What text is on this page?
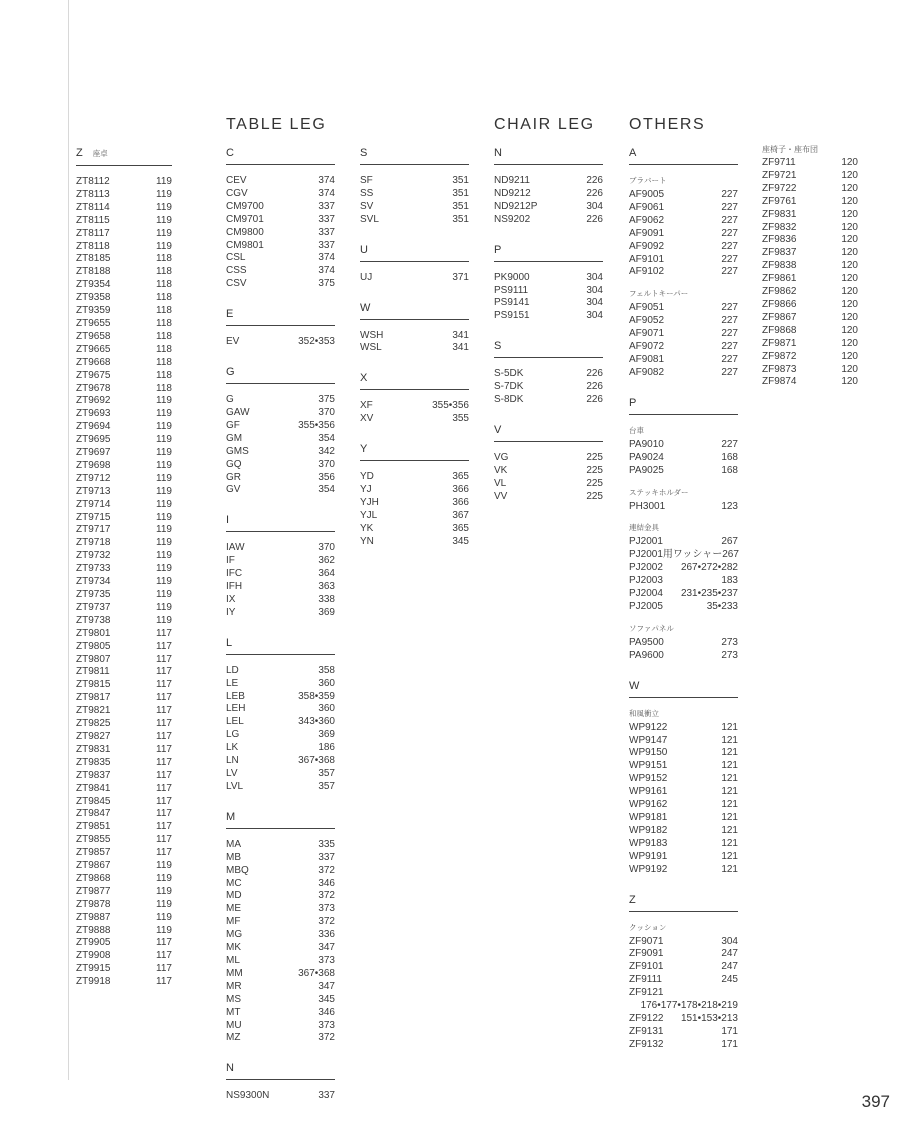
TABLE LEG	CHAIR LEG OTHERS
Z 座卓
ZT8112	119
ZT8113	119
ZT8114	119
ZT8115	119
ZT8117	119
ZT8118	119
ZT8185	118
ZT8188	118
ZT9354	118
ZT9358	118
ZT9359	118
ZT9655	118
ZT9658	118
ZT9665	118
ZT9668	118
ZT9675	118
ZT9678	118
ZT9692	119
ZT9693	119
ZT9694	119
ZT9695	119
ZT9697	119
ZT9698	119
ZT9712	119
ZT9713	119
ZT9714	119
ZT9715	119
ZT9717	119
ZT9718	119
ZT9732	119
ZT9733	119
ZT9734	119
ZT9735	119
ZT9737	119
ZT9738	119
ZT9801	117
ZT9805	117
ZT9807	117
ZT9811	117
ZT9815	117
ZT9817	117
ZT9821	117
ZT9825	117
ZT9827	117
ZT9831	117
ZT9835	117
ZT9837	117
ZT9841	117
ZT9845	117
ZT9847	117
ZT9851	117
ZT9855	117
ZT9857	117
ZT9867	119
ZT9868	119
ZT9877	119
ZT9878	119
ZT9887	119
ZT9888	119
ZT9905	117
ZT9908	117
ZT9915	117
ZT9918	117
C
CEV	374
CGV	374
CM9700	337
CM9701	337
CM9800	337
CM9801	337
CSL	374
CSS	374
CSV	375
E
EV	352•353
G
G	375
GAW	370
GF	355•356
GM	354
GMS	342
GQ	370
GR	356
GV	354
I
IAW	370
IF	362
IFC	364
IFH	363
IX	338
IY	369
L
LD	358
LE	360
LEB	358•359
LEH	360
LEL	343•360
LG	369
LK	186
LN	367•368
LV	357
LVL	357
M
MA	335
MB	337
MBQ	372
MC	346
MD	372
ME	373
MF	372
MG	336
MK	347
ML	373
MM	367•368
MR	347
MS	345
MT	346
MU	373
MZ	372
N
NS9300N	337
S
SF	351
SS	351
SV	351
SVL	351
U
UJ	371
W
WSH	341
WSL	341
X
XF	355•356
XV	355
Y
YD	365
YJ	366
YJH	366
YJL	367
YK	365
YN	345
N
ND9211	226
ND9212	226
ND9212P	304
NS9202	226
P
PK9000	304
PS9111	304
PS9141	304
PS9151	304
S
S-5DK	226
S-7DK	226
S-8DK	226
V
VG	225
VK	225
VL	225
VV	225
A
ブラバート
AF9005	227
AF9061	227
AF9062	227
AF9091	227
AF9092	227
AF9101	227
AF9102	227
フェルトキーパー
AF9051	227
AF9052	227
AF9071	227
AF9072	227
AF9081	227
AF9082	227
P
台車
PA9010	227
PA9024	168
PA9025	168
ステッキホルダー
PH3001	123
連結金具
PJ2001	267
PJ2001用ワッシャー 267
PJ2002 267•272•282
PJ2003	183
PJ2004 231•235•237
PJ2005	35•233
ソファパネル
PA9500	273
PA9600	273
W
和風衝立
WP9122	121
WP9147	121
WP9150	121
WP9151	121
WP9152	121
WP9161	121
WP9162	121
WP9181	121
WP9182	121
WP9183	121
WP9191	121
WP9192	121
Z
クッション
ZF9071	304
ZF9091	247
ZF9101	247
ZF9111	245
ZF9121
176•177•178•218•219
ZF9122 151•153•213
ZF9131	171
ZF9132	171
座椅子・座布団
ZF9711	120
ZF9721	120
ZF9722	120
ZF9761	120
ZF9831	120
ZF9832	120
ZF9836	120
ZF9837	120
ZF9838	120
ZF9861	120
ZF9862	120
ZF9866	120
ZF9867	120
ZF9868	120
ZF9871	120
ZF9872	120
ZF9873	120
ZF9874	120
397
